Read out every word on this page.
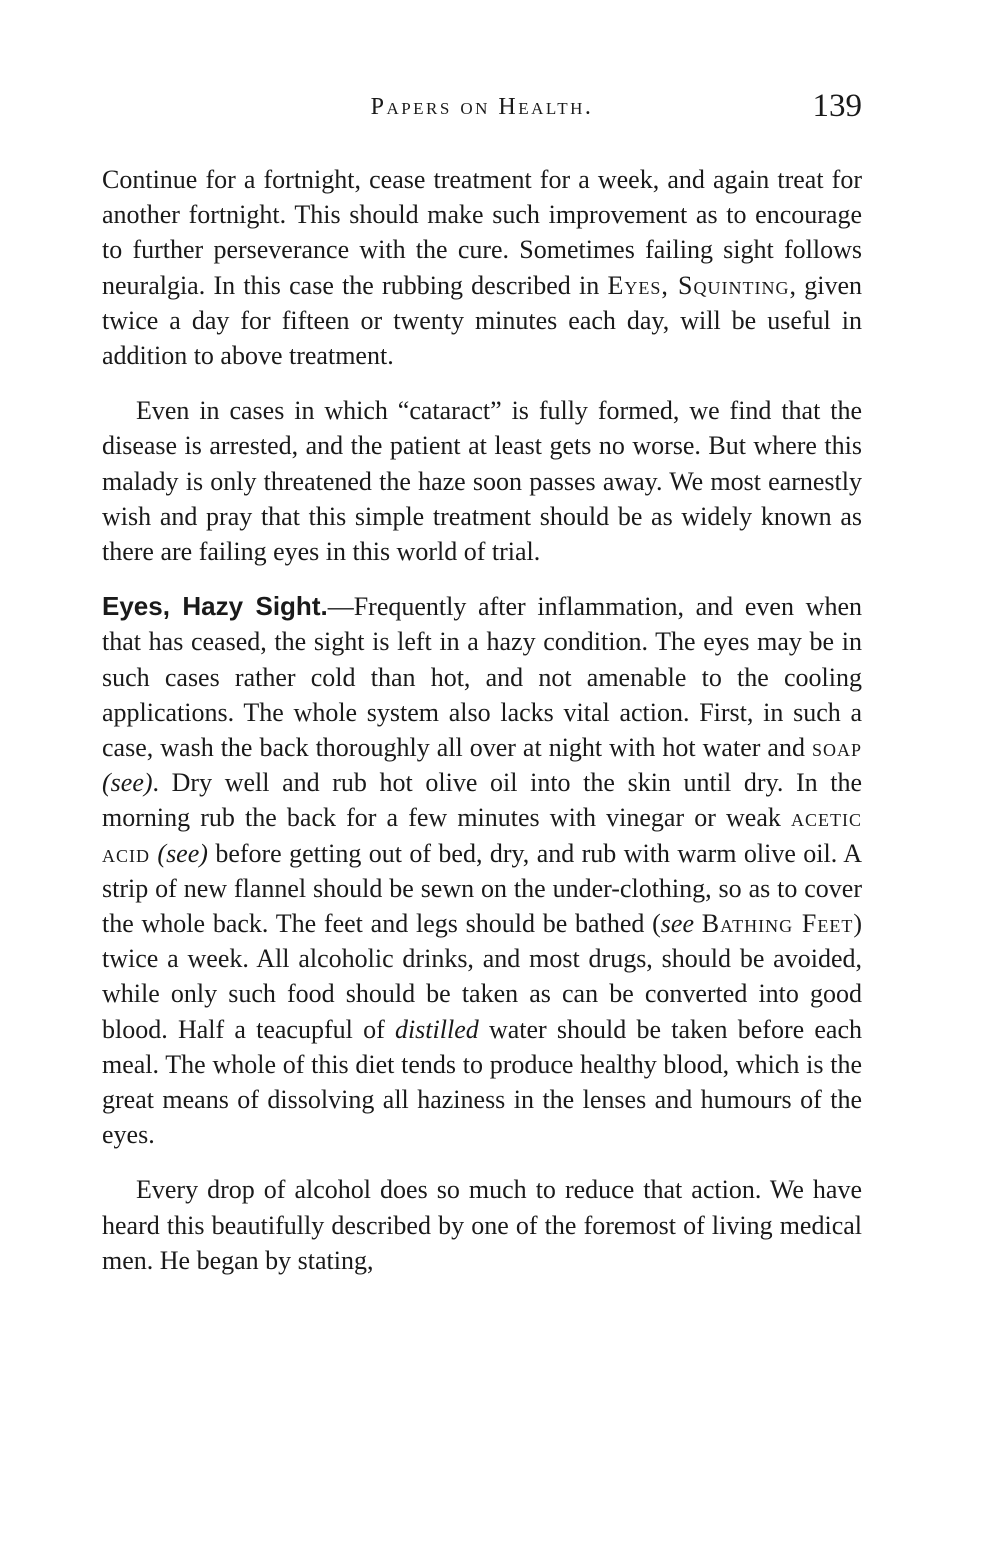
Papers on Health.	139

Continue for a fortnight, cease treatment for a week, and again treat for another fortnight. This should make such improvement as to encourage to further perseverance with the cure. Sometimes failing sight follows neuralgia. In this case the rubbing described in Eyes, Squinting, given twice a day for fifteen or twenty minutes each day, will be useful in addition to above treatment.

Even in cases in which “cataract” is fully formed, we find that the disease is arrested, and the patient at least gets no worse. But where this malady is only threatened the haze soon passes away. We most earnestly wish and pray that this simple treatment should be as widely known as there are failing eyes in this world of trial.

Eyes, Hazy Sight.—Frequently after inflammation, and even when that has ceased, the sight is left in a hazy condition. The eyes may be in such cases rather cold than hot, and not amenable to the cooling applications. The whole system also lacks vital action. First, in such a case, wash the back thoroughly all over at night with hot water and soap (see). Dry well and rub hot olive oil into the skin until dry. In the morning rub the back for a few minutes with vinegar or weak acetic acid (see) before getting out of bed, dry, and rub with warm olive oil. A strip of new flannel should be sewn on the under-clothing, so as to cover the whole back. The feet and legs should be bathed (see Bathing Feet) twice a week. All alcoholic drinks, and most drugs, should be avoided, while only such food should be taken as can be converted into good blood. Half a teacupful of distilled water should be taken before each meal. The whole of this diet tends to produce healthy blood, which is the great means of dissolving all haziness in the lenses and humours of the eyes.

Every drop of alcohol does so much to reduce that action. We have heard this beautifully described by one of the foremost of living medical men. He began by stating,
